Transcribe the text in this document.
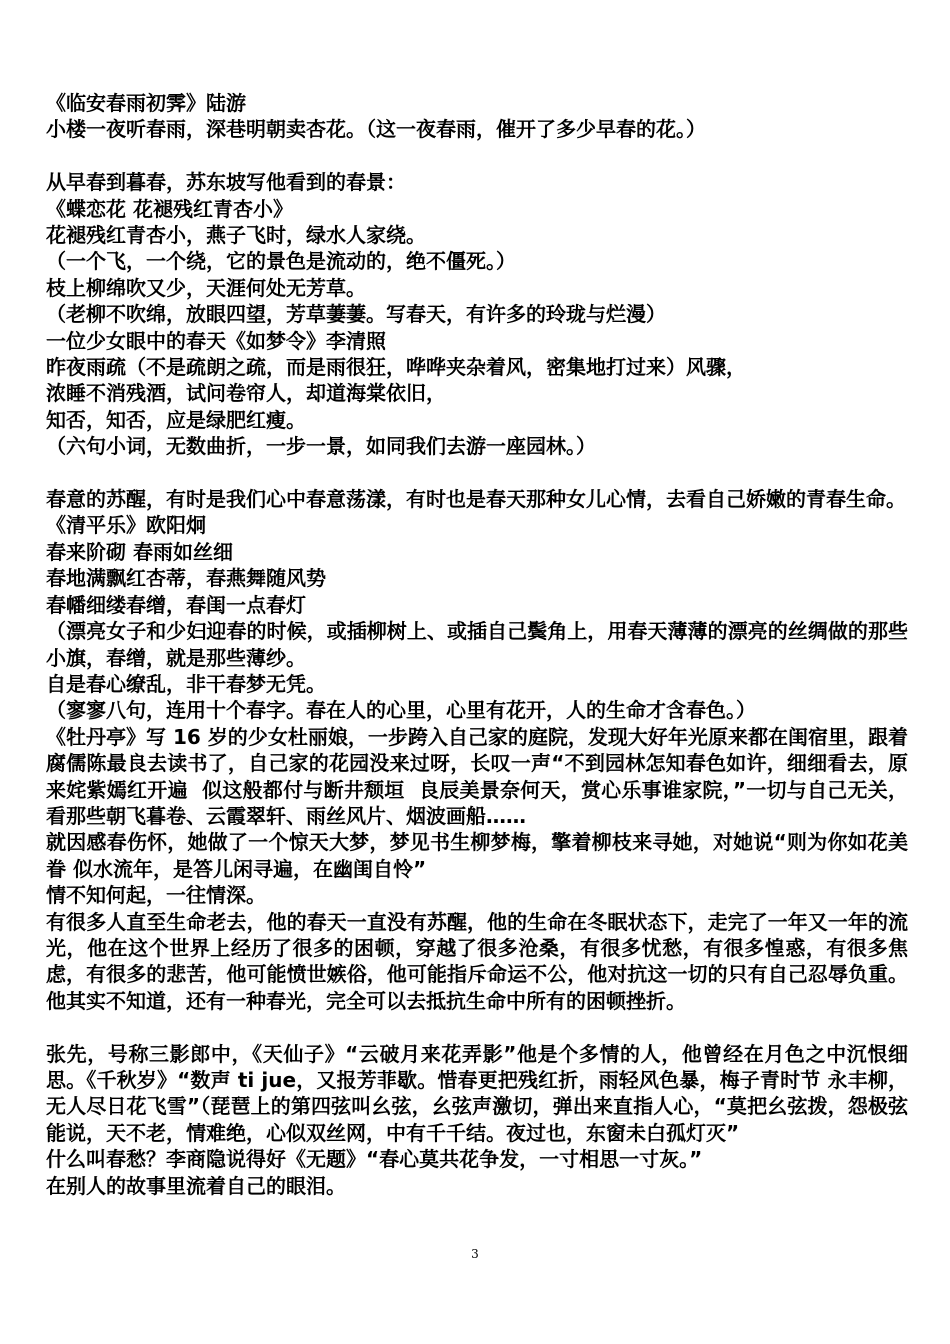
《临安春雨初霁》陆游

小楼一夜听春雨，深巷明朝卖杏花。（这一夜春雨，催开了多少早春的花。）

从早春到暮春，苏东坡写他看到的春景：

《蝶恋花 花褪残红青杏小》

花褪残红青杏小，燕子飞时，绿水人家绕。

（一个飞，一个绕，它的景色是流动的，绝不僵死。）

枝上柳绵吹又少，天涯何处无芳草。

（老柳不吹绵，放眼四望，芳草萋萋。写春天，有许多的玲珑与烂漫）

一位少女眼中的春天《如梦令》李清照

昨夜雨疏（不是疏朗之疏，而是雨很狂，哗哗夹杂着风，密集地打过来）风骤，

浓睡不消残酒，试问卷帘人，却道海棠依旧，

知否，知否，应是绿肥红瘦。

（六句小词，无数曲折，一步一景，如同我们去游一座园林。）

春意的苏醒，有时是我们心中春意荡漾，有时也是春天那种女儿心情，去看自己娇嫩的青春生命。

《清平乐》欧阳炯

春来阶砌 春雨如丝细

春地满飘红杏蒂，春燕舞随风势

春幡细缕春缯，春闺一点春灯

（漂亮女子和少妇迎春的时候，或插柳树上、或插自己鬓角上，用春天薄薄的漂亮的丝绸做的那些小旗，春缯，就是那些薄纱。

自是春心缭乱，非干春梦无凭。

（寥寥八句，连用十个春字。春在人的心里，心里有花开，人的生命才含春色。）

《牡丹亭》写 16 岁的少女杜丽娘，一步跨入自己家的庭院，发现大好年光原来都在闺宿里，跟着腐儒陈最良去读书了，自己家的花园没来过呀，长叹一声“不到园林怎知春色如许，细细看去，原来姹紫嫣红开遍  似这般都付与断井颓垣  良辰美景奈何天，赏心乐事谁家院，”一切与自己无关，看那些朝飞暮卷、云霞翠轩、雨丝风片、烟波画船……

就因感春伤怀，她做了一个惊天大梦，梦见书生柳梦梅，擎着柳枝来寻她，对她说“则为你如花美眷 似水流年，是答儿闲寻遍，在幽闺自怜”

情不知何起，一往情深。

有很多人直至生命老去，他的春天一直没有苏醒，他的生命在冬眠状态下，走完了一年又一年的流光，他在这个世界上经历了很多的困顿，穿越了很多沧桑，有很多忧愁，有很多惶惑，有很多焦虑，有很多的悲苦，他可能愤世嫉俗，他可能指斥命运不公，他对抗这一切的只有自己忍辱负重。他其实不知道，还有一种春光，完全可以去抵抗生命中所有的困顿挫折。

张先，号称三影郎中，《天仙子》“云破月来花弄影”他是个多情的人，他曾经在月色之中沉恨细思。《千秋岁》“数声 ti jue，又报芳菲歇。惜春更把残红折，雨轻风色暴，梅子青时节 永丰柳，无人尽日花飞雪”（琵琶上的第四弦叫幺弦，幺弦声激切，弹出来直指人心，“莫把幺弦拨，怨极弦能说，天不老，情难绝，心似双丝网，中有千千结。夜过也，东窗未白孤灯灭”

什么叫春愁？李商隐说得好《无题》“春心莫共花争发，一寸相思一寸灰。”

在别人的故事里流着自己的眼泪。

3
